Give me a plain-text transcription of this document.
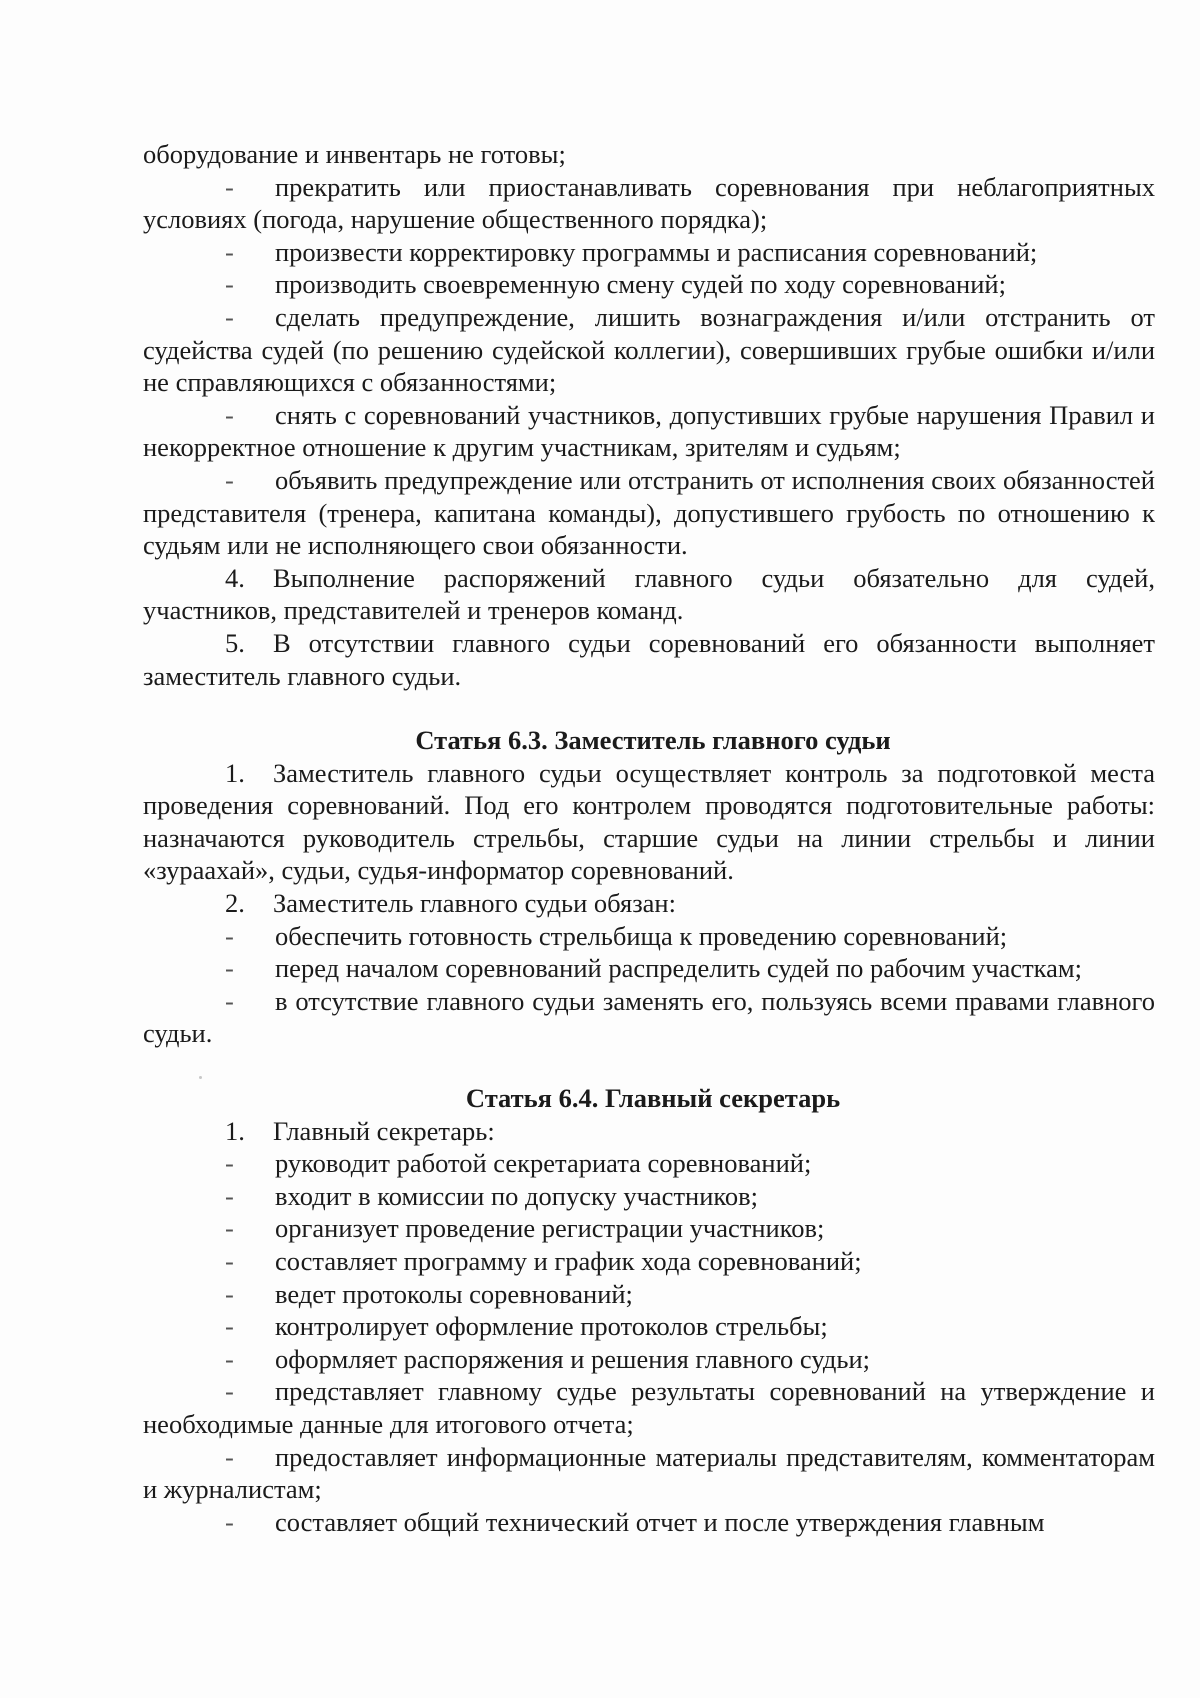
оборудование и инвентарь не готовы;

- прекратить или приостанавливать соревнования при неблагоприятных условиях (погода, нарушение общественного порядка);

- произвести корректировку программы и расписания соревнований;

- производить своевременную смену судей по ходу соревнований;

- сделать предупреждение, лишить вознаграждения и/или отстранить от судейства судей (по решению судейской коллегии), совершивших грубые ошибки и/или не справляющихся с обязанностями;

- снять с соревнований участников, допустивших грубые нарушения Правил и некорректное отношение к другим участникам, зрителям и судьям;

- объявить предупреждение или отстранить от исполнения своих обязанностей представителя (тренера, капитана команды), допустившего грубость по отношению к судьям или не исполняющего свои обязанности.

4. Выполнение распоряжений главного судьи обязательно для судей, участников, представителей и тренеров команд.

5. В отсутствии главного судьи соревнований его обязанности выполняет заместитель главного судьи.

Статья 6.3. Заместитель главного судьи

1. Заместитель главного судьи осуществляет контроль за подготовкой места проведения соревнований. Под его контролем проводятся подготовительные работы: назначаются руководитель стрельбы, старшие судьи на линии стрельбы и линии «зураахай», судьи, судья-информатор соревнований.

2. Заместитель главного судьи обязан:

- обеспечить готовность стрельбища к проведению соревнований;

- перед началом соревнований распределить судей по рабочим участкам;

- в отсутствие главного судьи заменять его, пользуясь всеми правами главного судьи.

Статья 6.4. Главный секретарь

1. Главный секретарь:

- руководит работой секретариата соревнований;

- входит в комиссии по допуску участников;

- организует проведение регистрации участников;

- составляет программу и график хода соревнований;

- ведет протоколы соревнований;

- контролирует оформление протоколов стрельбы;

- оформляет распоряжения и решения главного судьи;

- представляет главному судье результаты соревнований на утверждение и необходимые данные для итогового отчета;

- предоставляет информационные материалы представителям, комментаторам и журналистам;

- составляет общий технический отчет и после утверждения главным
